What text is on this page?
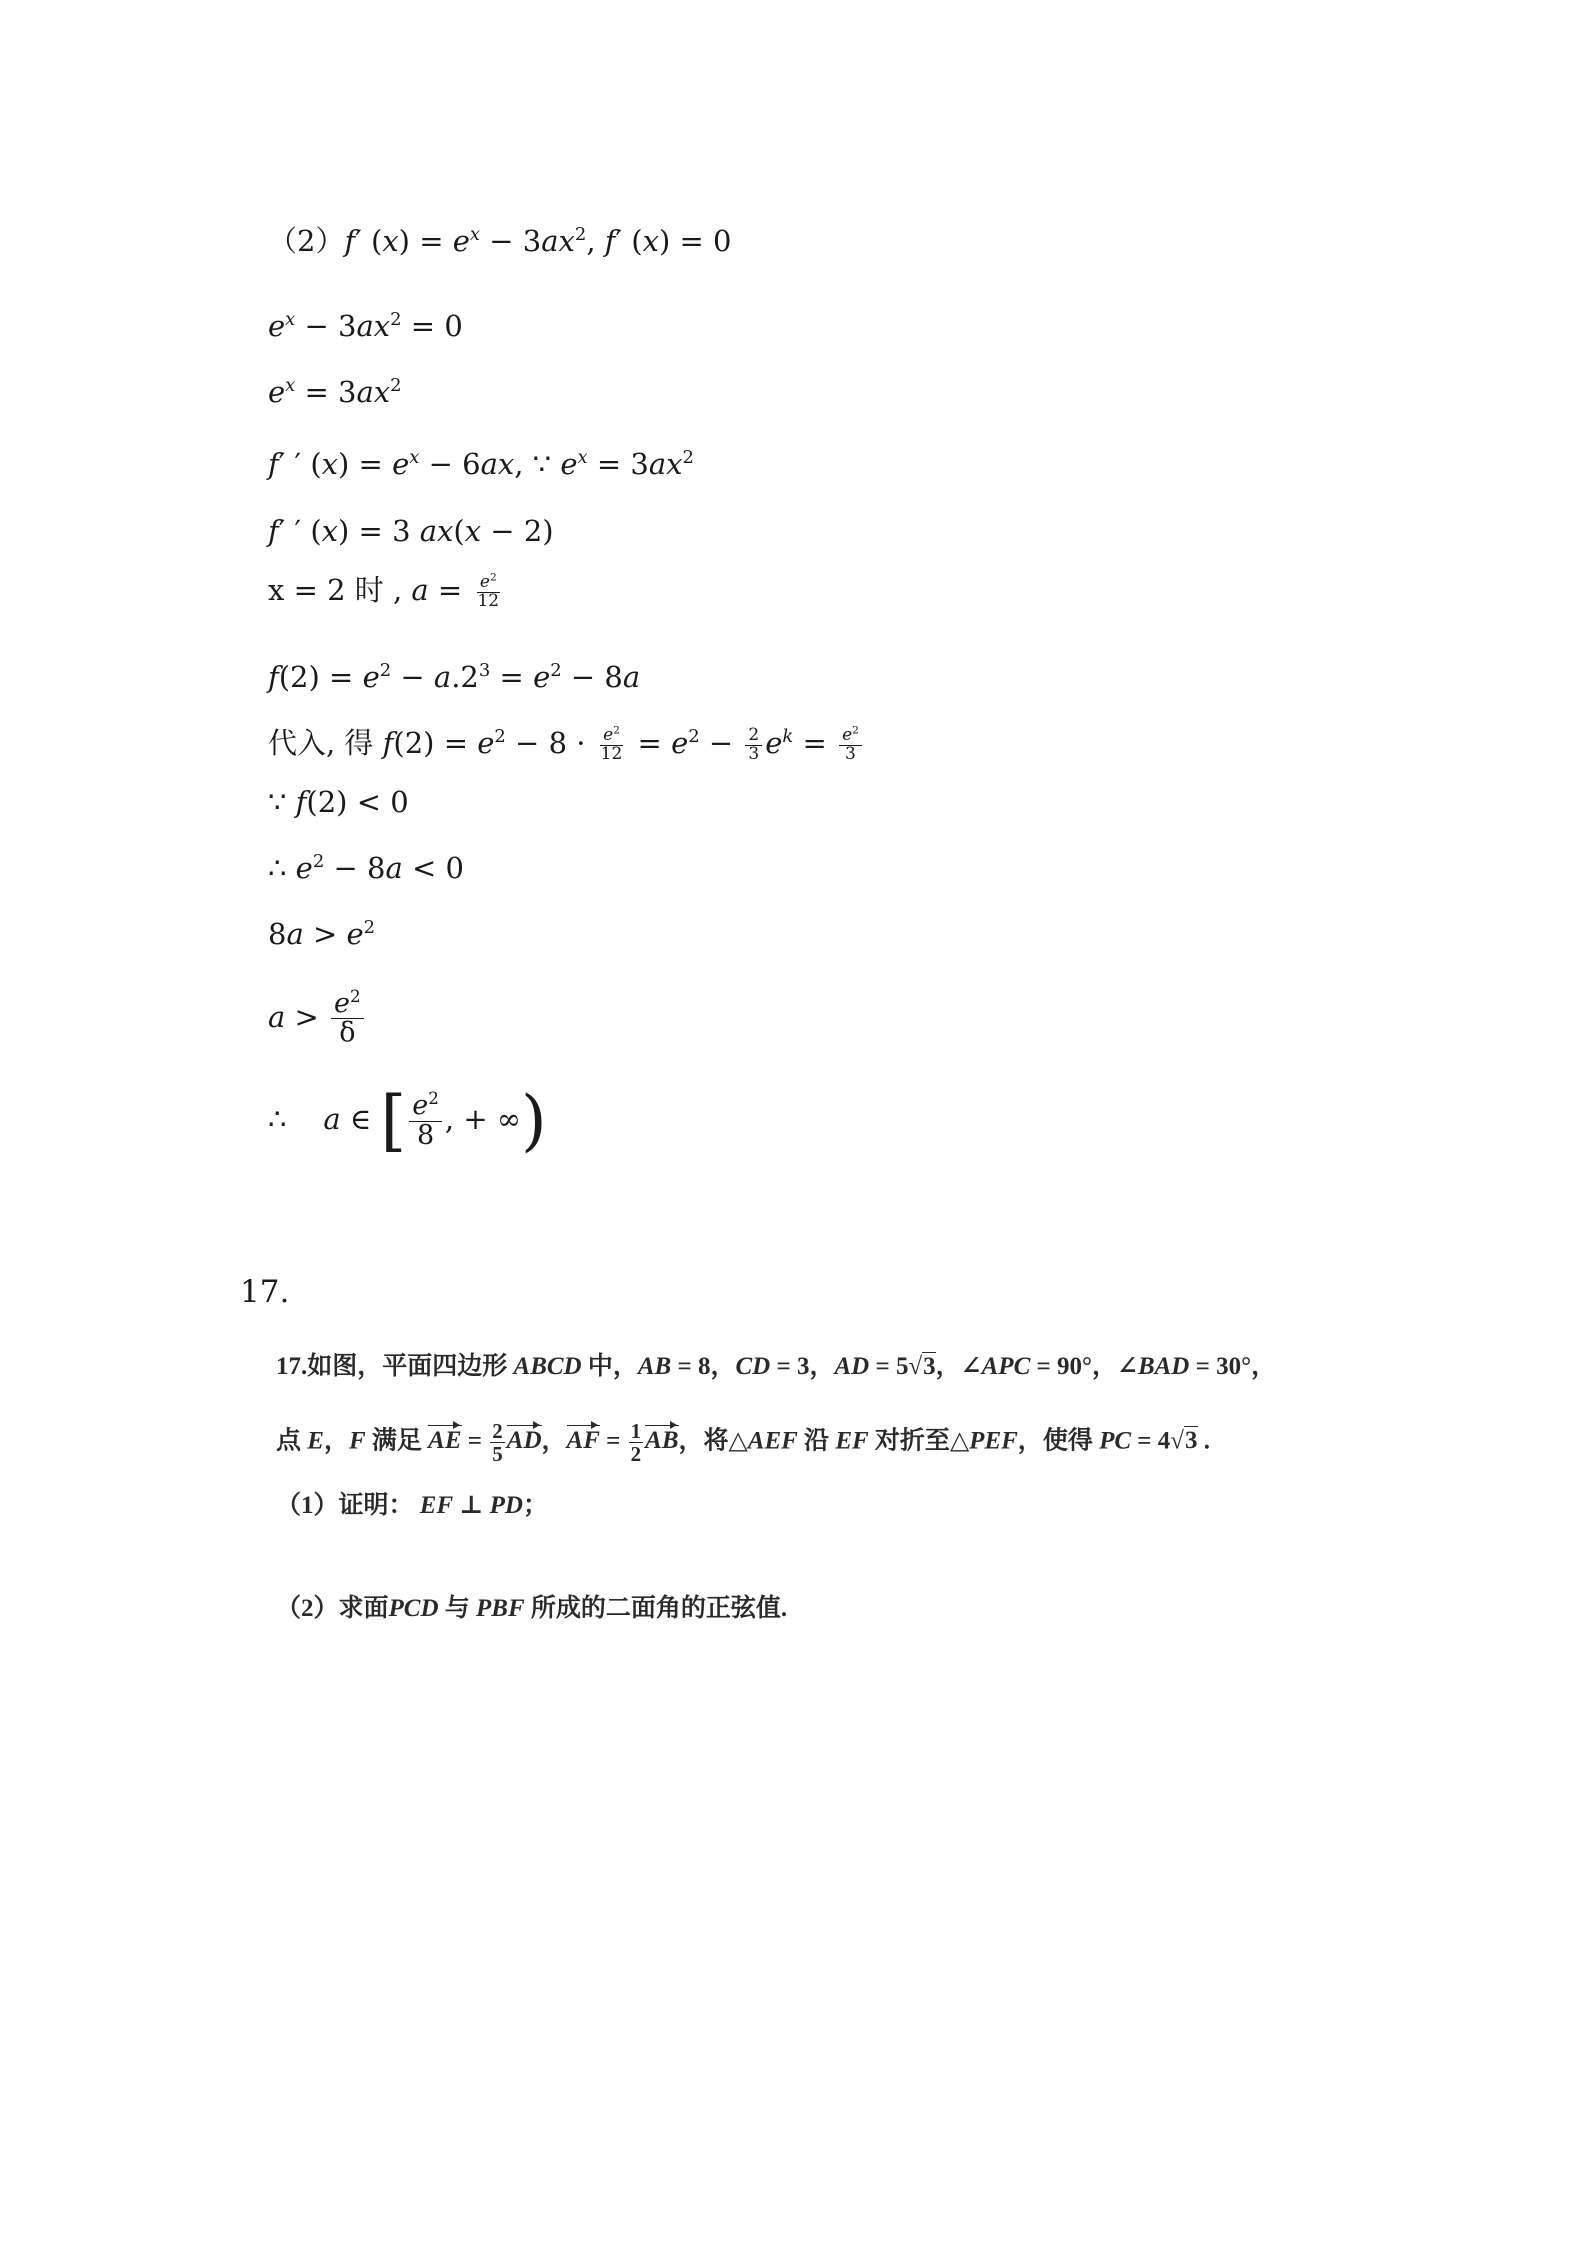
（2）f′ $(x) = e^x - 3ax^2$, f′ (x) = 0
$e^x - 3ax^2 = 0$
$e^x = 3ax^2$
f′ ′ $(x) = e^x - 6ax$, ∵ $e^x = 3ax^2$
f′ ′ (x) = 3 ax(x − 2)
x = 2 时 , $a = \frac{e^2}{12}$
$f(2) = e^2 - a.2^3 = e^2 - 8a$
代入, 得 $f(2) = e^2 - 8 \cdot \frac{e^2}{12} = e^2 - \frac{2}{3} e^k = \frac{e^2}{3}$
∵ f(2) < 0
∴ $e^2 - 8a < 0$
$8a > e^2$
$a > \frac{e^2}{\delta}$
∴    a ∈ [ $\frac{e^2}{8}$ , + ∞)
17.
17.如图，平面四边形 ABCD 中，AB = 8，CD = 3，AD = 5√3，∠APC = 90°，∠BAD = 30°，
点 E，F 满足 AE = $\frac{2}{5}$ AD，AF = $\frac{1}{2}$ AB，将△AEF 沿 EF 对折至△PEF，使得 PC = 4√3 .
（1）证明： EF ⊥ PD；
（2）求面PCD 与 PBF 所成的二面角的正弦值.
